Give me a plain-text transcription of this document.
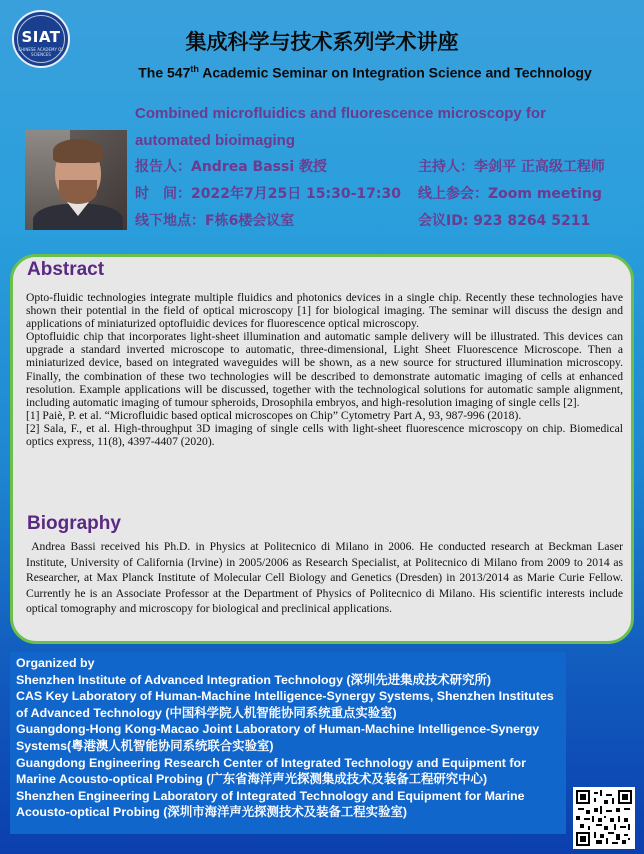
SIAT
CHINESE ACADEMY OF SCIENCES
集成科学与技术系列学术讲座
The 547th Academic Seminar on Integration Science and Technology
Combined microfluidics and fluorescence microscopy for
automated bioimaging
报告人：Andrea Bassi 教授	主持人：李剑平 正高级工程师
时　间：2022年7月25日 15:30-17:30 线上参会：Zoom meeting
线下地点：F栋6楼会议室	会议ID: 923 8264 5211
Abstract

Opto-fluidic technologies integrate multiple fluidics and photonics devices in a single chip. Recently these technologies have shown their potential in the field of optical microscopy [1] for biological imaging. The seminar will discuss the design and applications of miniaturized optofluidic devices for fluorescence optical microscopy.

Optofluidic chip that incorporates light-sheet illumination and automatic sample delivery will be illustrated. This devices can upgrade a standard inverted microscope to automatic, three-dimensional, Light Sheet Fluorescence Microscope. Then a miniaturized device, based on integrated waveguides will be shown, as a new source for structured illumination microscopy. Finally, the combination of these two technologies will be described to demonstrate automatic imaging of cells at enhanced resolution. Example applications will be discussed, together with the technological solutions for automatic sample alignment, including automatic imaging of tumour spheroids, Drosophila embryos, and high-resolution imaging of single cells [2].

[1] Paiè, P. et al. “Microfluidic based optical microscopes on Chip” Cytometry Part A, 93, 987-996 (2018).

[2] Sala, F., et al. High-throughput 3D imaging of single cells with light-sheet fluorescence microscopy on chip. Biomedical optics express, 11(8), 4397-4407 (2020).

Biography
Andrea Bassi received his Ph.D. in Physics at Politecnico di Milano in 2006. He conducted research at Beckman Laser Institute, University of California (Irvine) in 2005/2006 as Research Specialist, at Politecnico di Milano from 2009 to 2014 as Researcher, at Max Planck Institute of Molecular Cell Biology and Genetics (Dresden) in 2013/2014 as Marie Curie Fellow. Currently he is an Associate Professor at the Department of Physics of Politecnico di Milano. His scientific interests include optical tomography and microscopy for biological and preclinical applications.
Organized by
Shenzhen Institute of Advanced Integration Technology (深圳先进集成技术研究所)
CAS Key Laboratory of Human-Machine Intelligence-Synergy Systems, Shenzhen Institutes of Advanced Technology (中国科学院人机智能协同系统重点实验室)
Guangdong-Hong Kong-Macao Joint Laboratory of Human-Machine Intelligence-Synergy Systems(粤港澳人机智能协同系统联合实验室)
Guangdong Engineering Research Center of Integrated Technology and Equipment for Marine Acousto-optical Probing (广东省海洋声光探测集成技术及装备工程研究中心)
Shenzhen Engineering Laboratory of Integrated Technology and Equipment for Marine Acousto-optical Probing (深圳市海洋声光探测技术及装备工程实验室)
